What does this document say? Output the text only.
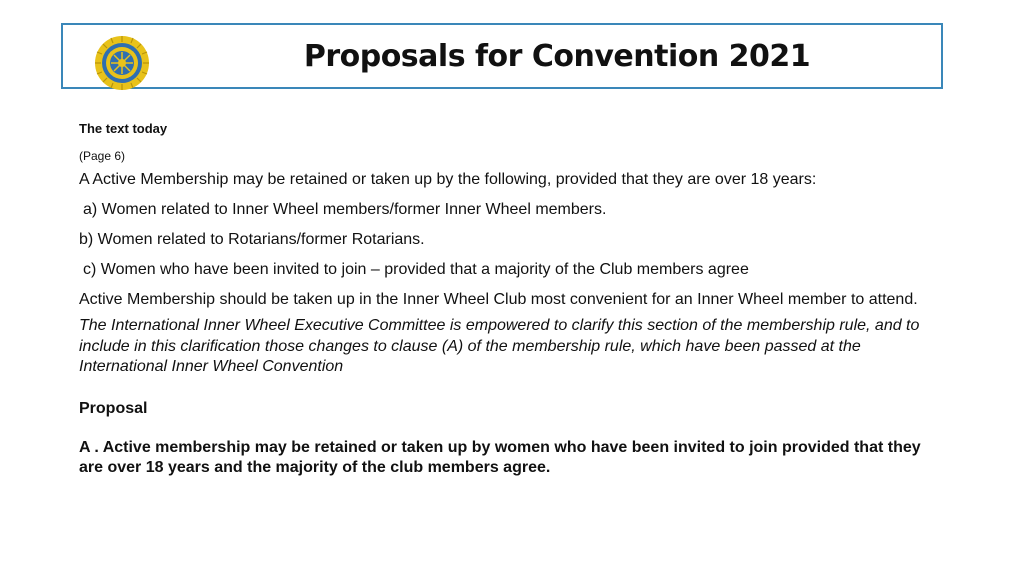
Proposals for Convention 2021

The text today

(Page 6)

A Active Membership may be retained or taken up by the following, provided that they are over 18 years:

a) Women related to Inner Wheel members/former Inner Wheel members.

b) Women related to Rotarians/former Rotarians.

c) Women who have been invited to join – provided that a majority of the Club members agree

Active Membership should be taken up in the Inner Wheel Club most convenient for an Inner Wheel member to attend.

The International Inner Wheel Executive Committee is empowered to clarify this section of the membership rule, and to include in this clarification those changes to clause (A) of the membership rule, which have been passed at the International Inner Wheel Convention

Proposal

A . Active membership may be retained or taken up by women who have been invited to join provided that they are over 18 years and the majority of the club members agree.
